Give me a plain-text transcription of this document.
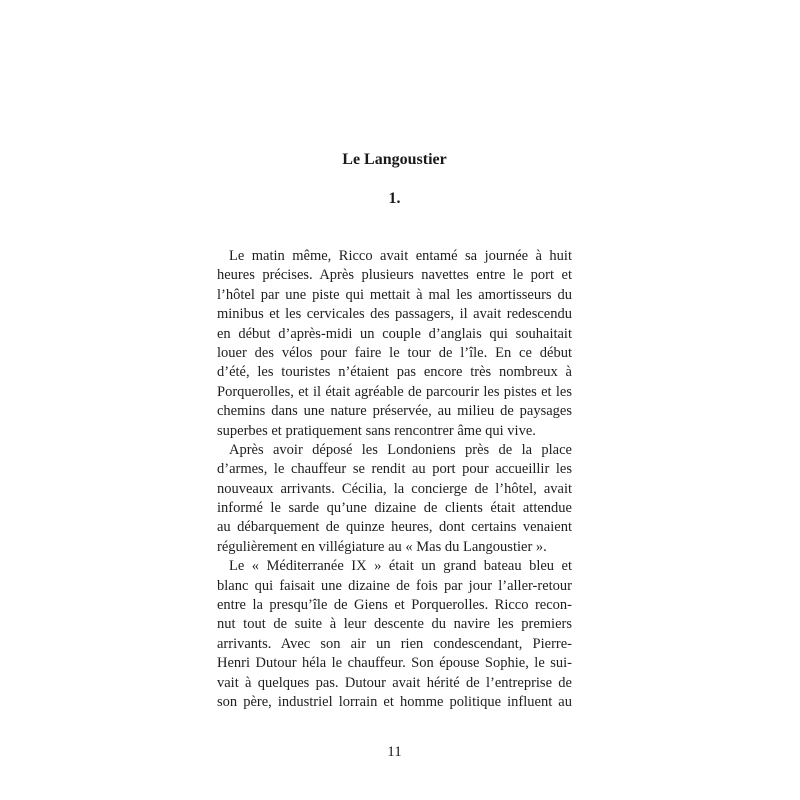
Le Langoustier
1.
Le matin même, Ricco avait entamé sa journée à huit
heures précises. Après plusieurs navettes entre le port et
l’hôtel par une piste qui mettait à mal les amortisseurs du
minibus et les cervicales des passagers, il avait redescendu
en début d’après-midi un couple d’anglais qui souhaitait
louer des vélos pour faire le tour de l’île. En ce début
d’été, les touristes n’étaient pas encore très nombreux à
Porquerolles, et il était agréable de parcourir les pistes et les
chemins dans une nature préservée, au milieu de paysages
superbes et pratiquement sans rencontrer âme qui vive.
Après avoir déposé les Londoniens près de la place
d’armes, le chauffeur se rendit au port pour accueillir les
nouveaux arrivants. Cécilia, la concierge de l’hôtel, avait
informé le sarde qu’une dizaine de clients était attendue
au débarquement de quinze heures, dont certains venaient
régulièrement en villégiature au « Mas du Langoustier ».
Le « Méditerranée IX » était un grand bateau bleu et
blanc qui faisait une dizaine de fois par jour l’aller-retour
entre la presqu’île de Giens et Porquerolles. Ricco recon-
nut tout de suite à leur descente du navire les premiers
arrivants. Avec son air un rien condescendant, Pierre-
Henri Dutour héla le chauffeur. Son épouse Sophie, le sui-
vait à quelques pas. Dutour avait hérité de l’entreprise de
son père, industriel lorrain et homme politique influent au
11
